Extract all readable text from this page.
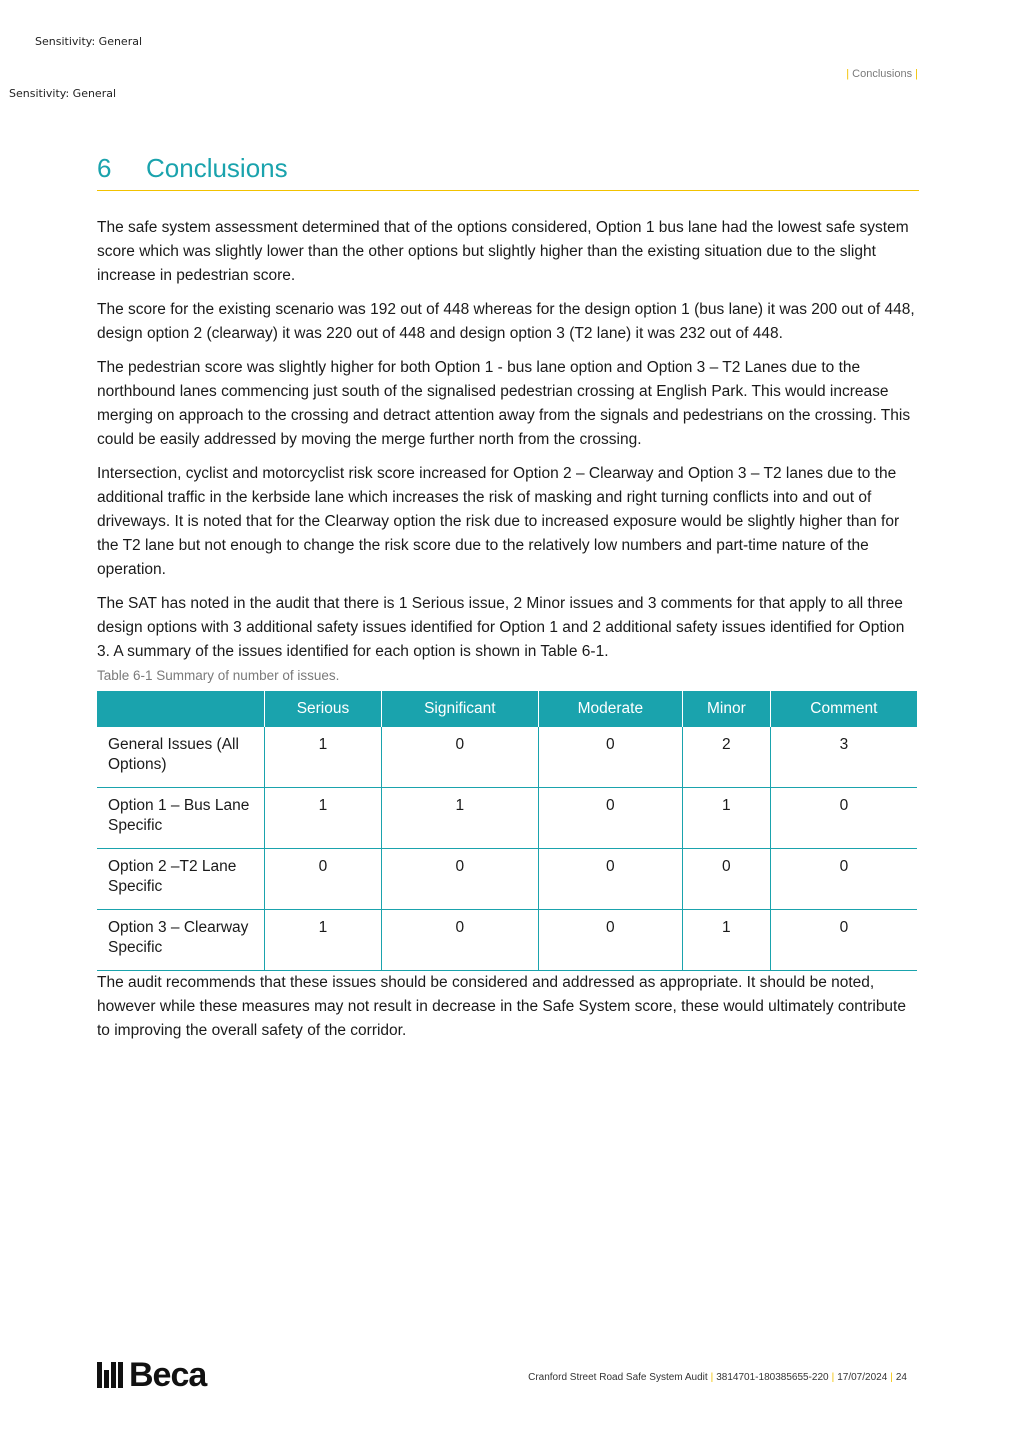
Sensitivity: General
Sensitivity: General
| Conclusions |
6 Conclusions

The safe system assessment determined that of the options considered, Option 1 bus lane had the lowest safe system score which was slightly lower than the other options but slightly higher than the existing situation due to the slight increase in pedestrian score.

The score for the existing scenario was 192 out of 448 whereas for the design option 1 (bus lane) it was 200 out of 448, design option 2 (clearway) it was 220 out of 448 and design option 3 (T2 lane) it was 232 out of 448.

The pedestrian score was slightly higher for both Option 1 - bus lane option and Option 3 – T2 Lanes due to the northbound lanes commencing just south of the signalised pedestrian crossing at English Park. This would increase merging on approach to the crossing and detract attention away from the signals and pedestrians on the crossing. This could be easily addressed by moving the merge further north from the crossing.

Intersection, cyclist and motorcyclist risk score increased for Option 2 – Clearway and Option 3 – T2 lanes due to the additional traffic in the kerbside lane which increases the risk of masking and right turning conflicts into and out of driveways. It is noted that for the Clearway option the risk due to increased exposure would be slightly higher than for the T2 lane but not enough to change the risk score due to the relatively low numbers and part-time nature of the operation.

The SAT has noted in the audit that there is 1 Serious issue, 2 Minor issues and 3 comments for that apply to all three design options with 3 additional safety issues identified for Option 1 and 2 additional safety issues identified for Option 3. A summary of the issues identified for each option is shown in Table 6-1.

Table 6-1 Summary of number of issues.
	Serious	Significant	Moderate	Minor	Comment
General Issues (All Options)	1	0	0	2	3
Option 1 – Bus Lane Specific	1	1	0	1	0
Option 2 –T2 Lane Specific	0	0	0	0	0
Option 3 – Clearway Specific	1	0	0	1	0

The audit recommends that these issues should be considered and addressed as appropriate. It should be noted, however while these measures may not result in decrease in the Safe System score, these would ultimately contribute to improving the overall safety of the corridor.

Beca	Cranford Street Road Safe System Audit | 3814701-180385655-220 | 17/07/2024 | 24
